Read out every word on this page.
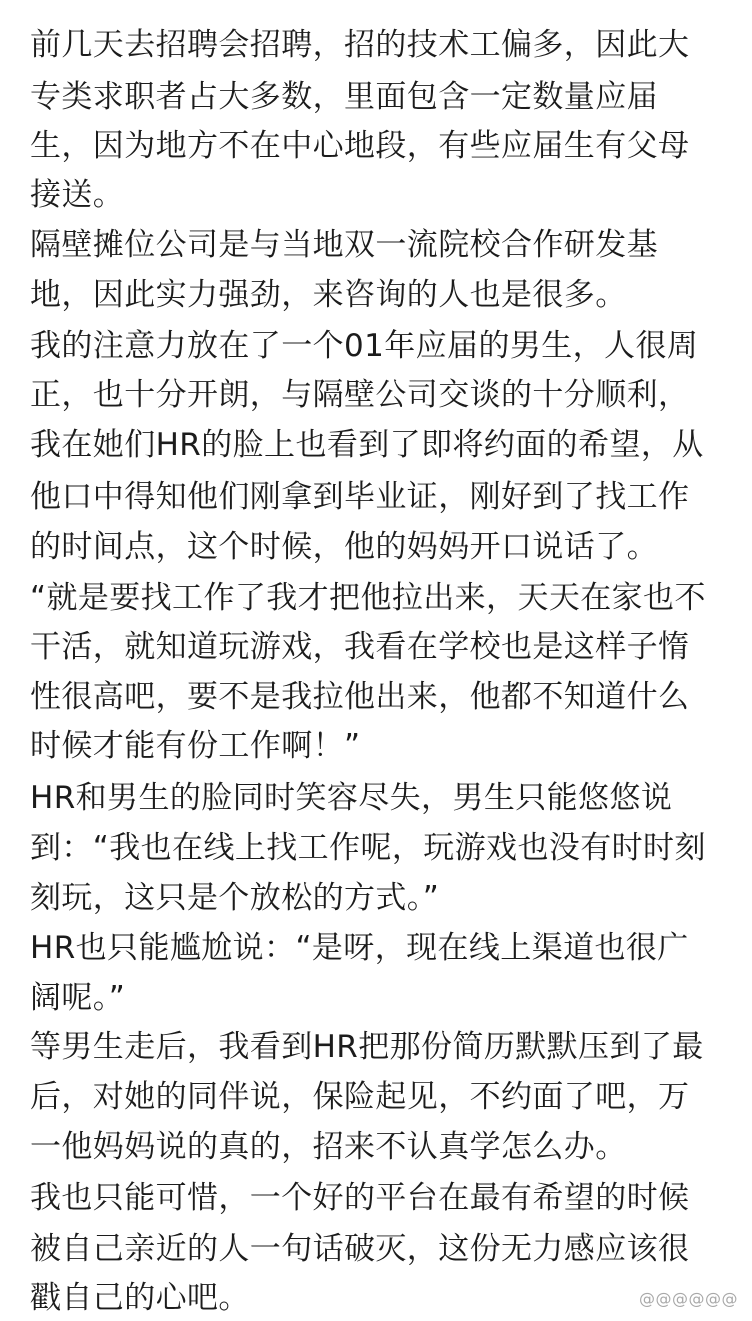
前几天去招聘会招聘，招的技术工偏多，因此大
专类求职者占大多数，里面包含一定数量应届
生，因为地方不在中心地段，有些应届生有父母
接送。
隔壁摊位公司是与当地双一流院校合作研发基
地，因此实力强劲，来咨询的人也是很多。
我的注意力放在了一个01年应届的男生，人很周
正，也十分开朗，与隔壁公司交谈的十分顺利，
我在她们HR的脸上也看到了即将约面的希望，从
他口中得知他们刚拿到毕业证，刚好到了找工作
的时间点，这个时候，他的妈妈开口说话了。
“就是要找工作了我才把他拉出来，天天在家也不
干活，就知道玩游戏，我看在学校也是这样子惰
性很高吧，要不是我拉他出来，他都不知道什么
时候才能有份工作啊！”
HR和男生的脸同时笑容尽失，男生只能悠悠说
到：“我也在线上找工作呢，玩游戏也没有时时刻
刻玩，这只是个放松的方式。”
HR也只能尴尬说：“是呀，现在线上渠道也很广
阔呢。”
等男生走后，我看到HR把那份简历默默压到了最
后，对她的同伴说，保险起见，不约面了吧，万
一他妈妈说的真的，招来不认真学怎么办。
我也只能可惜，一个好的平台在最有希望的时候
被自己亲近的人一句话破灭，这份无力感应该很
戳自己的心吧。	@@@@@@
